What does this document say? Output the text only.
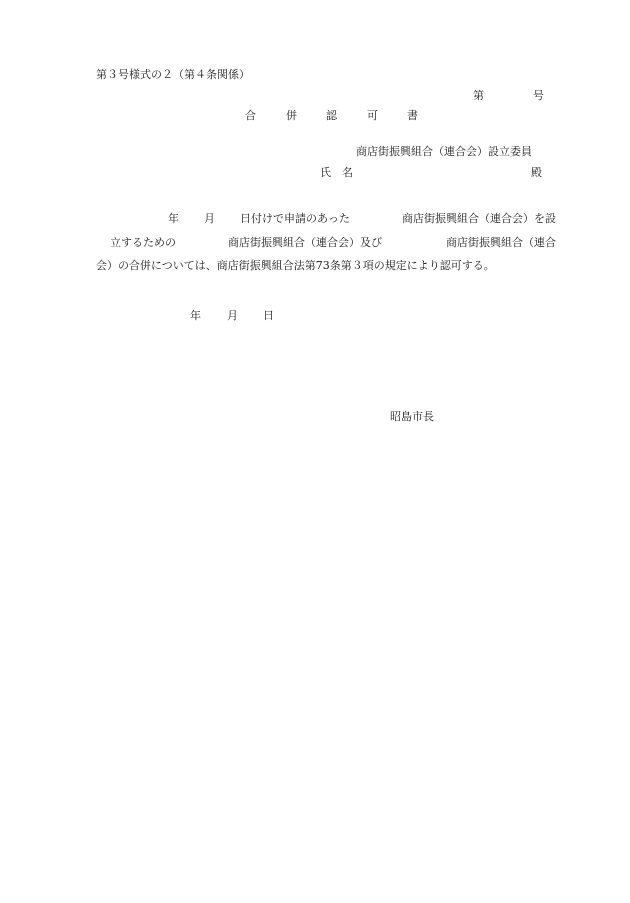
第３号様式の２（第４条関係）

第	号
合	併	認	可	書
商店街振興組合（連合会）設立委員
氏　名	殿
年 月 日付けで申請のあった	商店街振興組合（連合会）を設
立するための	商店街振興組合（連合会）及び	商店街振興組合（連合
会）の合併については、商店街振興組合法第73条第３項の規定により認可する。
年 月 日
昭島市長
